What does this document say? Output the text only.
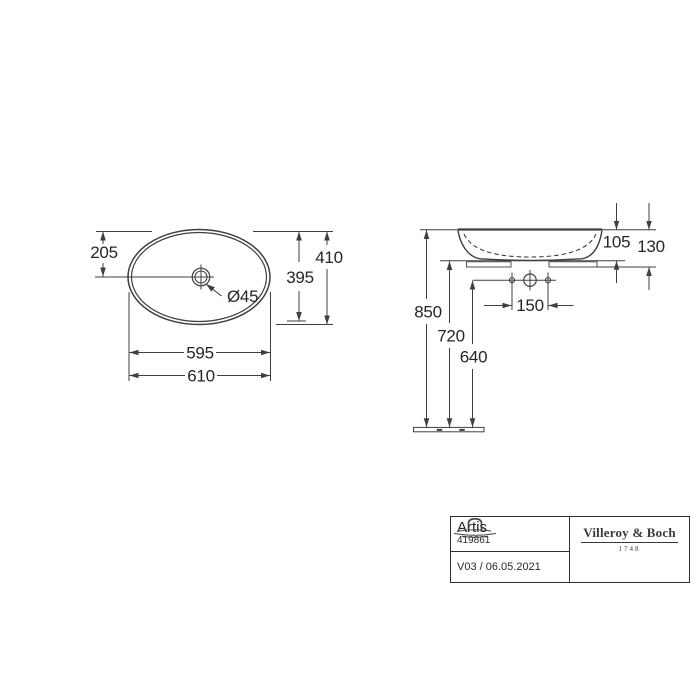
Ø45
205
395
410
595
610
105 130
150
850
720
640
Artis
419861
V03 / 06.05.2021
Villeroy & Boch
1748
